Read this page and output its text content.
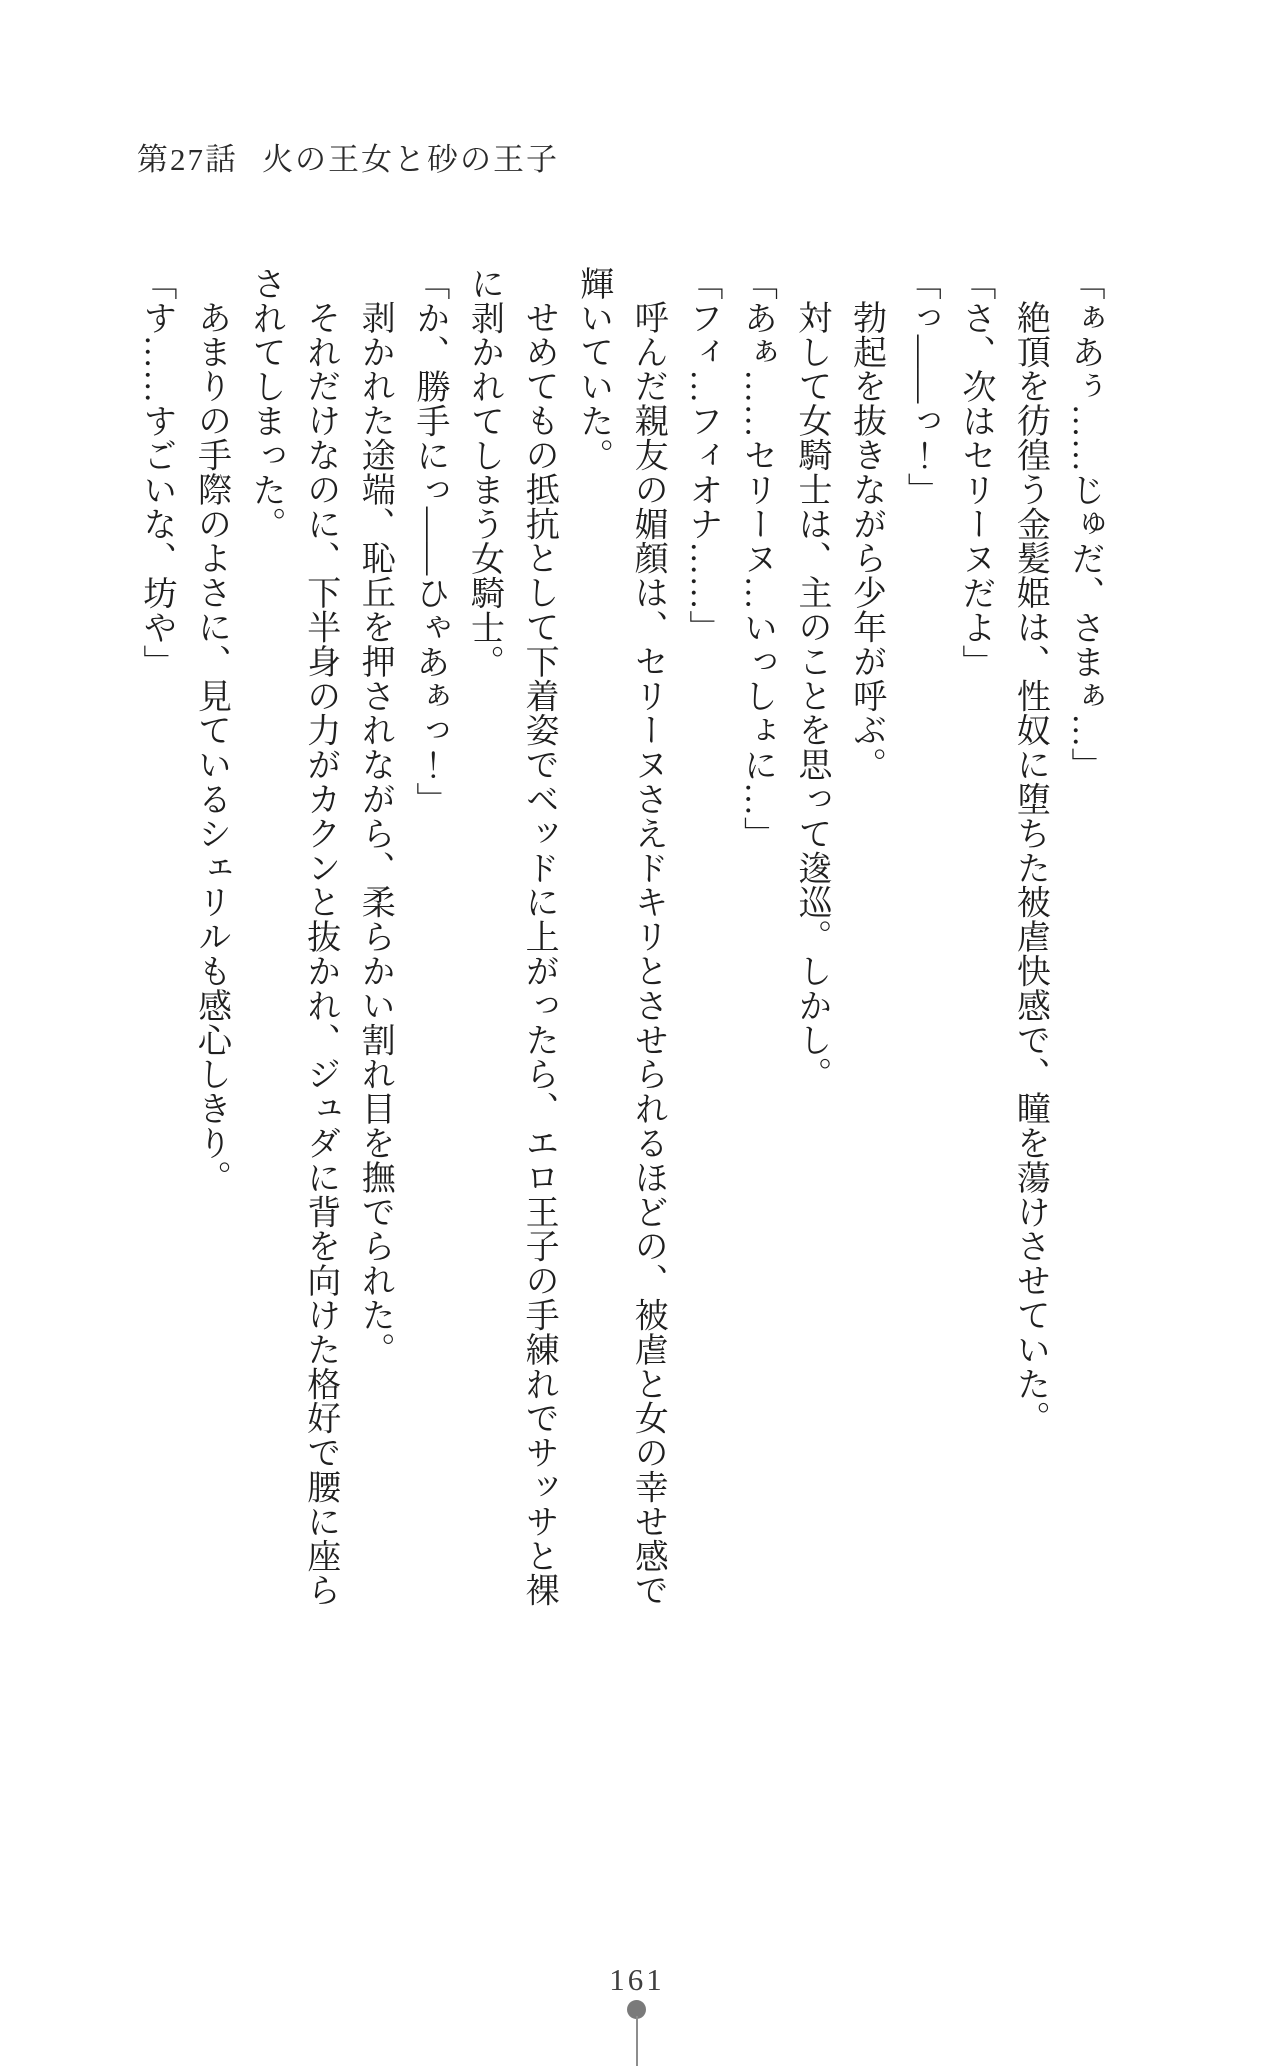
第27話 火の王女と砂の王子

「ぁあぅ……じゅだ、さまぁ…」

絶頂を彷徨う金髪姫は、性奴に堕ちた被虐快感で、瞳を蕩けさせていた。

「さ、次はセリーヌだよ」

「っ――っ！」

勃起を抜きながら少年が呼ぶ。

対して女騎士は、主のことを思って逡巡。しかし。

「あぁ……セリーヌ…いっしょに…」

「フィ…フィオナ……」

呼んだ親友の媚顔は、セリーヌさえドキリとさせられるほどの、被虐と女の幸せ感で輝いていた。

せめてもの抵抗として下着姿でベッドに上がったら、エロ王子の手練れでサッサと裸に剥かれてしまう女騎士。

「か、勝手にっ――ひゃあぁっ！」

剥かれた途端、恥丘を押されながら、柔らかい割れ目を撫でられた。

それだけなのに、下半身の力がカクンと抜かれ、ジュダに背を向けた格好で腰に座らされてしまった。

あまりの手際のよさに、見ているシェリルも感心しきり。

「す……すごいな、坊や」

161
